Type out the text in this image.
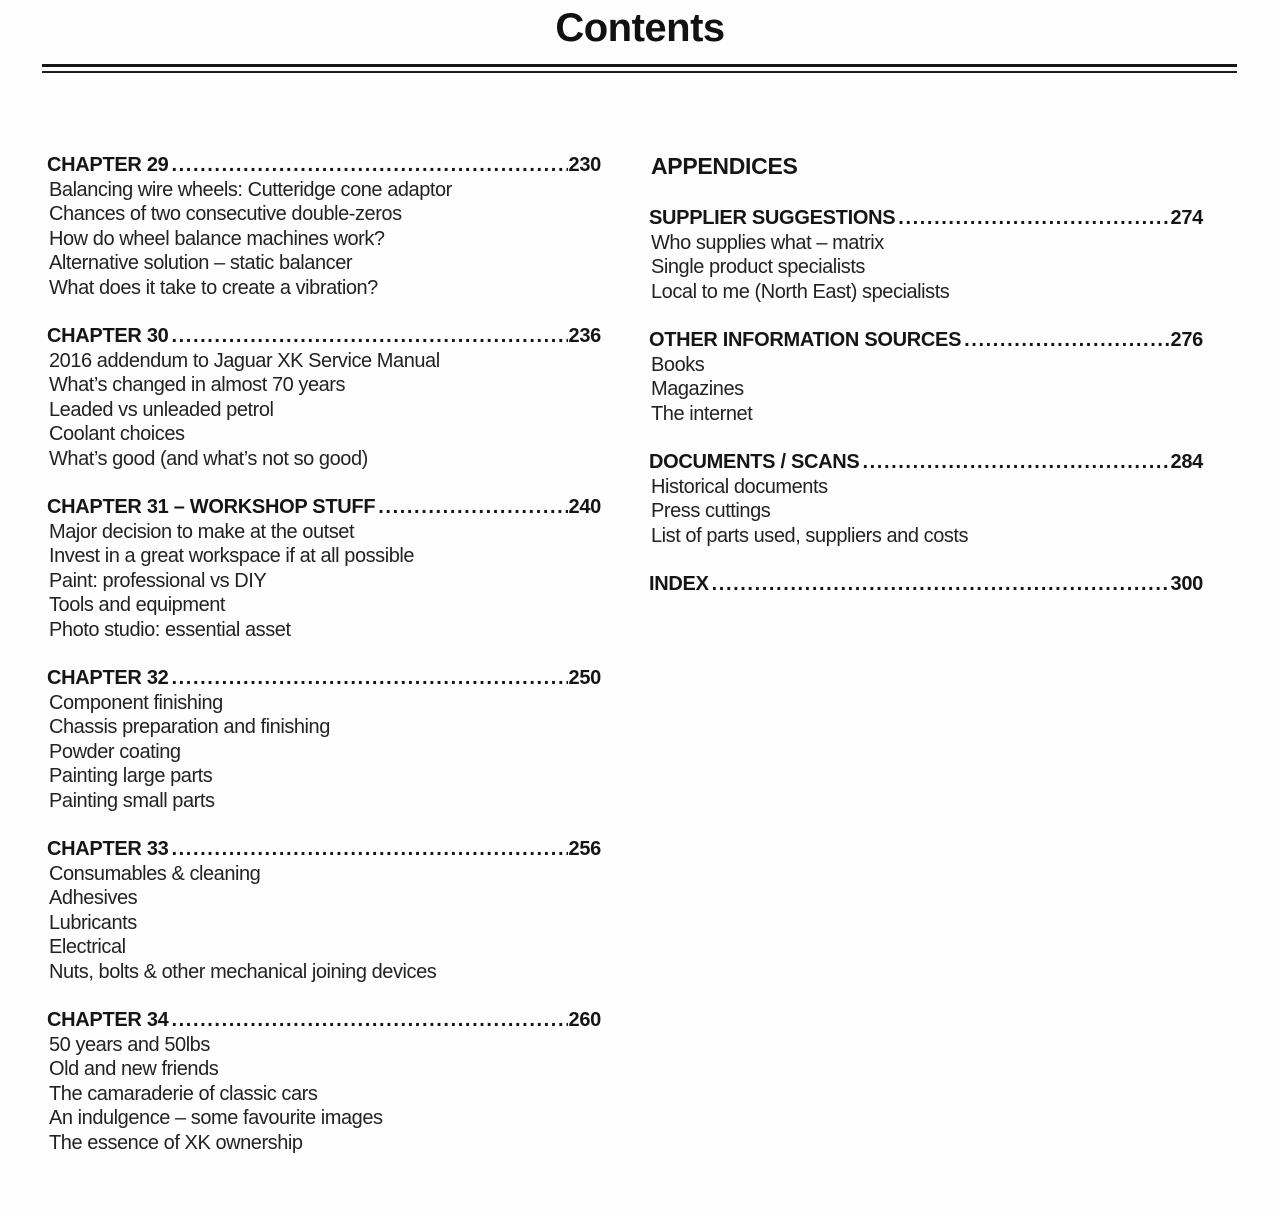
Contents
CHAPTER 29 .....	230
Balancing wire wheels: Cutteridge cone adaptor
Chances of two consecutive double-zeros
How do wheel balance machines work?
Alternative solution – static balancer
What does it take to create a vibration?
CHAPTER 30 .....	236
2016 addendum to Jaguar XK Service Manual
What’s changed in almost 70 years
Leaded vs unleaded petrol
Coolant choices
What’s good (and what’s not so good)
CHAPTER 31 – WORKSHOP STUFF .....	240
Major decision to make at the outset
Invest in a great workspace if at all possible
Paint: professional vs DIY
Tools and equipment
Photo studio: essential asset
CHAPTER 32 .....	250
Component finishing
Chassis preparation and finishing
Powder coating
Painting large parts
Painting small parts
CHAPTER 33 .....	256
Consumables & cleaning
Adhesives
Lubricants
Electrical
Nuts, bolts & other mechanical joining devices
CHAPTER 34 .....	260
50 years and 50lbs
Old and new friends
The camaraderie of classic cars
An indulgence – some favourite images
The essence of XK ownership
APPENDICES
SUPPLIER SUGGESTIONS .....	274
Who supplies what – matrix
Single product specialists
Local to me (North East) specialists
OTHER INFORMATION SOURCES .....	276
Books
Magazines
The internet
DOCUMENTS / SCANS .....	284
Historical documents
Press cuttings
List of parts used, suppliers and costs
INDEX .....	300
